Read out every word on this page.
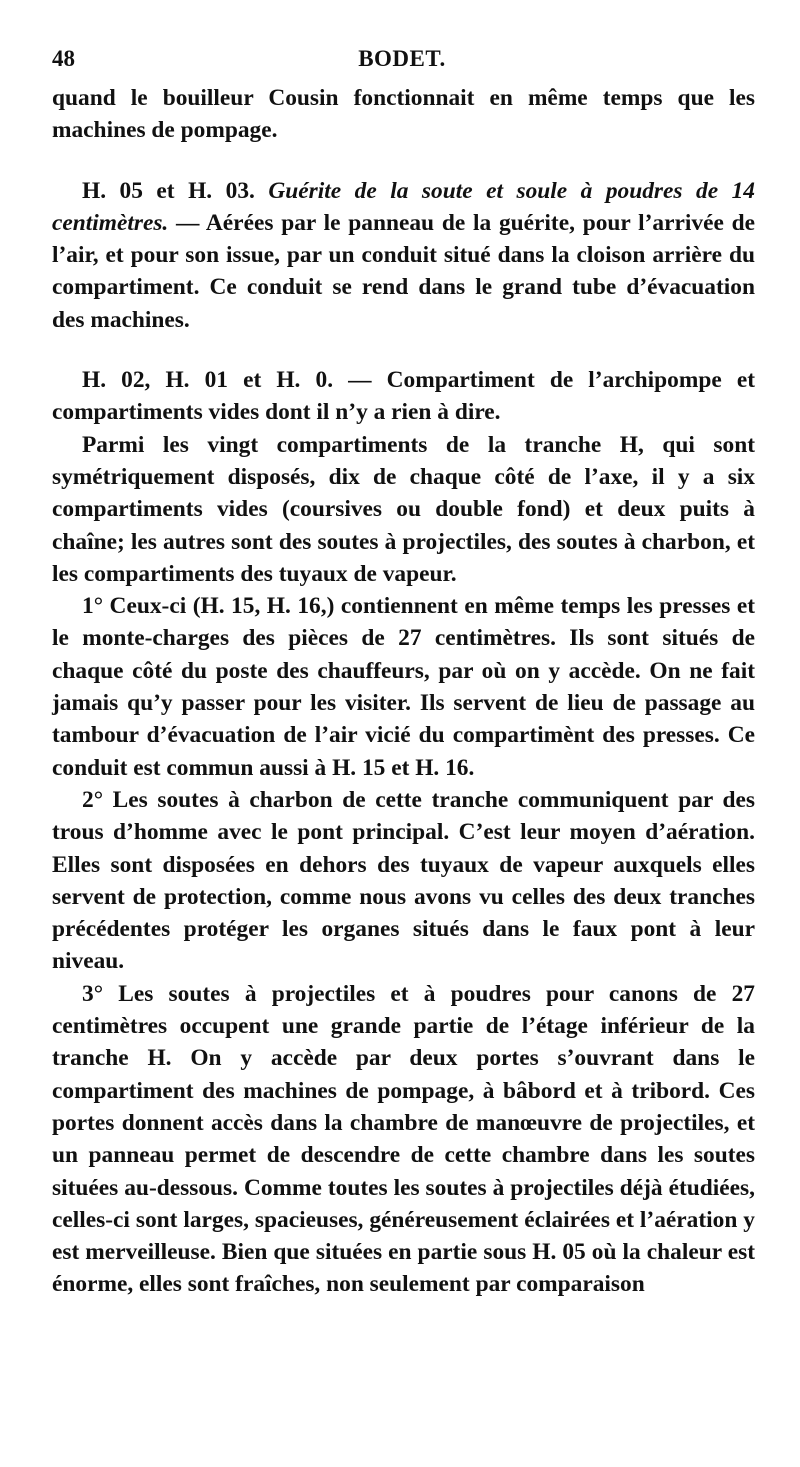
48	BODET.

quand le bouilleur Cousin fonctionnait en même temps que les machines de pompage.

H. 05 et H. 03. Guérite de la soute et soule à poudres de 14 centimètres. — Aérées par le panneau de la guérite, pour l’arrivée de l’air, et pour son issue, par un conduit situé dans la cloison arrière du compartiment. Ce conduit se rend dans le grand tube d’évacuation des machines.

H. 02, H. 01 et H. 0. — Compartiment de l’archipompe et compartiments vides dont il n’y a rien à dire.

Parmi les vingt compartiments de la tranche H, qui sont symétriquement disposés, dix de chaque côté de l’axe, il y a six compartiments vides (coursives ou double fond) et deux puits à chaîne; les autres sont des soutes à projectiles, des soutes à charbon, et les compartiments des tuyaux de vapeur.

1° Ceux-ci (H. 15, H. 16,) contiennent en même temps les presses et le monte-charges des pièces de 27 centimètres. Ils sont situés de chaque côté du poste des chauffeurs, par où on y accède. On ne fait jamais qu’y passer pour les visiter. Ils servent de lieu de passage au tambour d’évacuation de l’air vicié du compartimènt des presses. Ce conduit est commun aussi à H. 15 et H. 16.

2° Les soutes à charbon de cette tranche communiquent par des trous d’homme avec le pont principal. C’est leur moyen d’aération. Elles sont disposées en dehors des tuyaux de vapeur auxquels elles servent de protection, comme nous avons vu celles des deux tranches précédentes protéger les organes situés dans le faux pont à leur niveau.

3° Les soutes à projectiles et à poudres pour canons de 27 centimètres occupent une grande partie de l’étage inférieur de la tranche H. On y accède par deux portes s’ouvrant dans le compartiment des machines de pompage, à bâbord et à tribord. Ces portes donnent accès dans la chambre de manœuvre de projectiles, et un panneau permet de descendre de cette chambre dans les soutes situées au-dessous. Comme toutes les soutes à projectiles déjà étudiées, celles-ci sont larges, spacieuses, généreusement éclairées et l’aération y est merveilleuse. Bien que situées en partie sous H. 05 où la chaleur est énorme, elles sont fraîches, non seulement par comparaison
